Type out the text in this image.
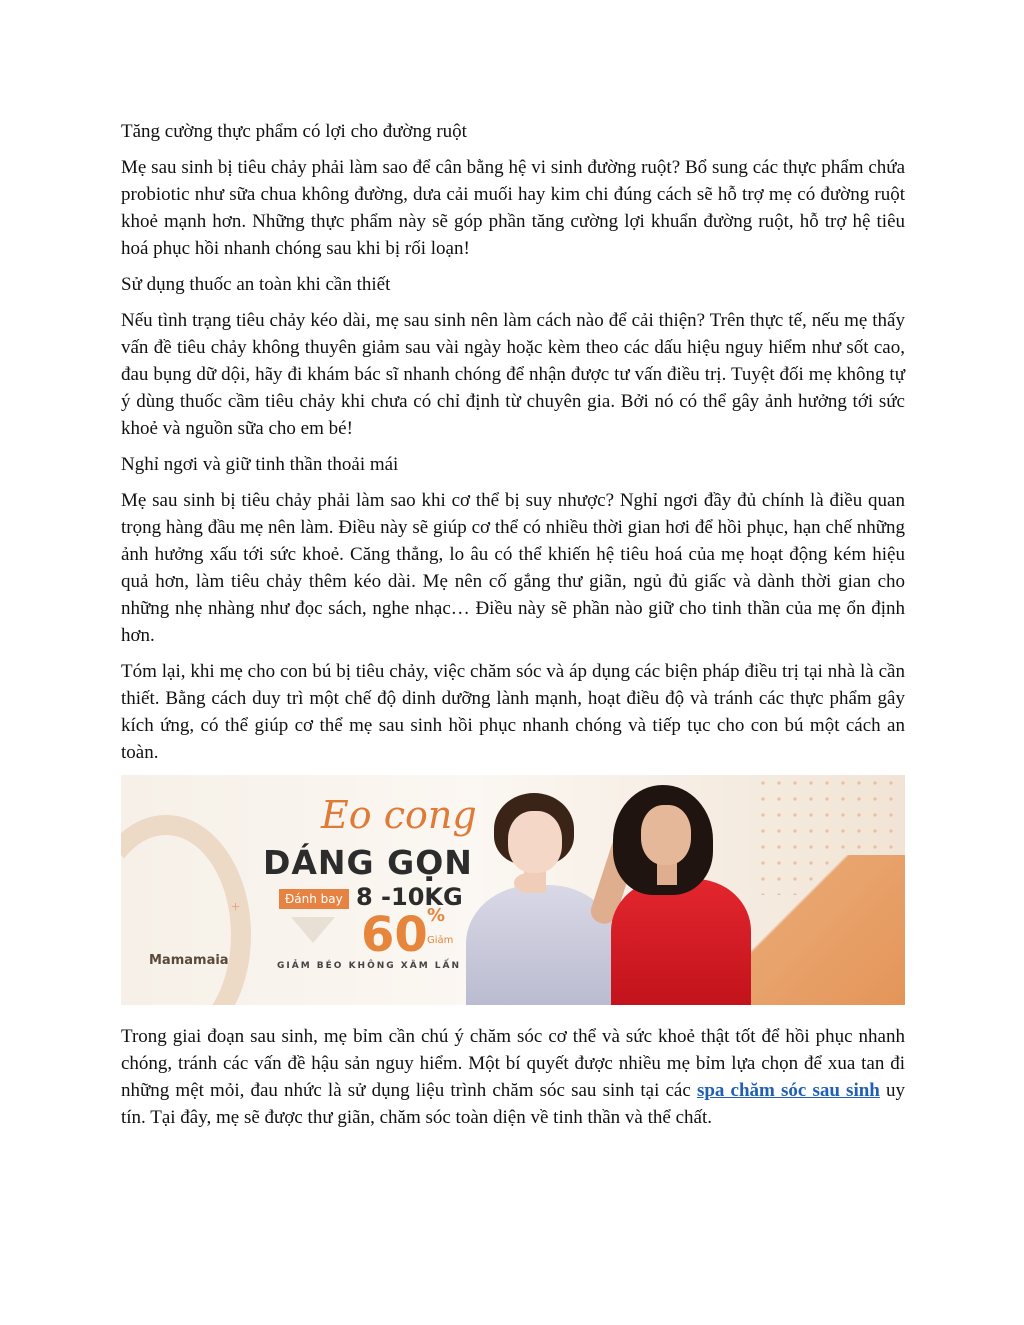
Tăng cường thực phẩm có lợi cho đường ruột

Mẹ sau sinh bị tiêu chảy phải làm sao để cân bằng hệ vi sinh đường ruột? Bổ sung các thực phẩm chứa probiotic như sữa chua không đường, dưa cải muối hay kim chi đúng cách sẽ hỗ trợ mẹ có đường ruột khoẻ mạnh hơn. Những thực phẩm này sẽ góp phần tăng cường lợi khuẩn đường ruột, hỗ trợ hệ tiêu hoá phục hồi nhanh chóng sau khi bị rối loạn!

Sử dụng thuốc an toàn khi cần thiết

Nếu tình trạng tiêu chảy kéo dài, mẹ sau sinh nên làm cách nào để cải thiện? Trên thực tế, nếu mẹ thấy vấn đề tiêu chảy không thuyên giảm sau vài ngày hoặc kèm theo các dấu hiệu nguy hiểm như sốt cao, đau bụng dữ dội, hãy đi khám bác sĩ nhanh chóng để nhận được tư vấn điều trị. Tuyệt đối mẹ không tự ý dùng thuốc cầm tiêu chảy khi chưa có chỉ định từ chuyên gia. Bởi nó có thể gây ảnh hưởng tới sức khoẻ và nguồn sữa cho em bé!

Nghỉ ngơi và giữ tinh thần thoải mái

Mẹ sau sinh bị tiêu chảy phải làm sao khi cơ thể bị suy nhược? Nghỉ ngơi đầy đủ chính là điều quan trọng hàng đầu mẹ nên làm. Điều này sẽ giúp cơ thể có nhiều thời gian hơi để hồi phục, hạn chế những ảnh hưởng xấu tới sức khoẻ. Căng thẳng, lo âu có thể khiến hệ tiêu hoá của mẹ hoạt động kém hiệu quả hơn, làm tiêu chảy thêm kéo dài. Mẹ nên cố gắng thư giãn, ngủ đủ giấc và dành thời gian cho những nhẹ nhàng như đọc sách, nghe nhạc… Điều này sẽ phần nào giữ cho tinh thần của mẹ ổn định hơn.

Tóm lại, khi mẹ cho con bú bị tiêu chảy, việc chăm sóc và áp dụng các biện pháp điều trị tại nhà là cần thiết. Bằng cách duy trì một chế độ dinh dưỡng lành mạnh, hoạt điều độ và tránh các thực phẩm gây kích ứng, có thể giúp cơ thể mẹ sau sinh hồi phục nhanh chóng và tiếp tục cho con bú một cách an toàn.

+
Eo cong
DÁNG GỌN
Đánh bay 8 -10KG
60 %
Giảm
GIẢM BÉO KHÔNG XÂM LẤN
Mamamaia

Trong giai đoạn sau sinh, mẹ bỉm cần chú ý chăm sóc cơ thể và sức khoẻ thật tốt để hồi phục nhanh chóng, tránh các vấn đề hậu sản nguy hiểm. Một bí quyết được nhiều mẹ bỉm lựa chọn để xua tan đi những mệt mỏi, đau nhức là sử dụng liệu trình chăm sóc sau sinh tại các spa chăm sóc sau sinh uy tín. Tại đây, mẹ sẽ được thư giãn, chăm sóc toàn diện về tinh thần và thể chất.
